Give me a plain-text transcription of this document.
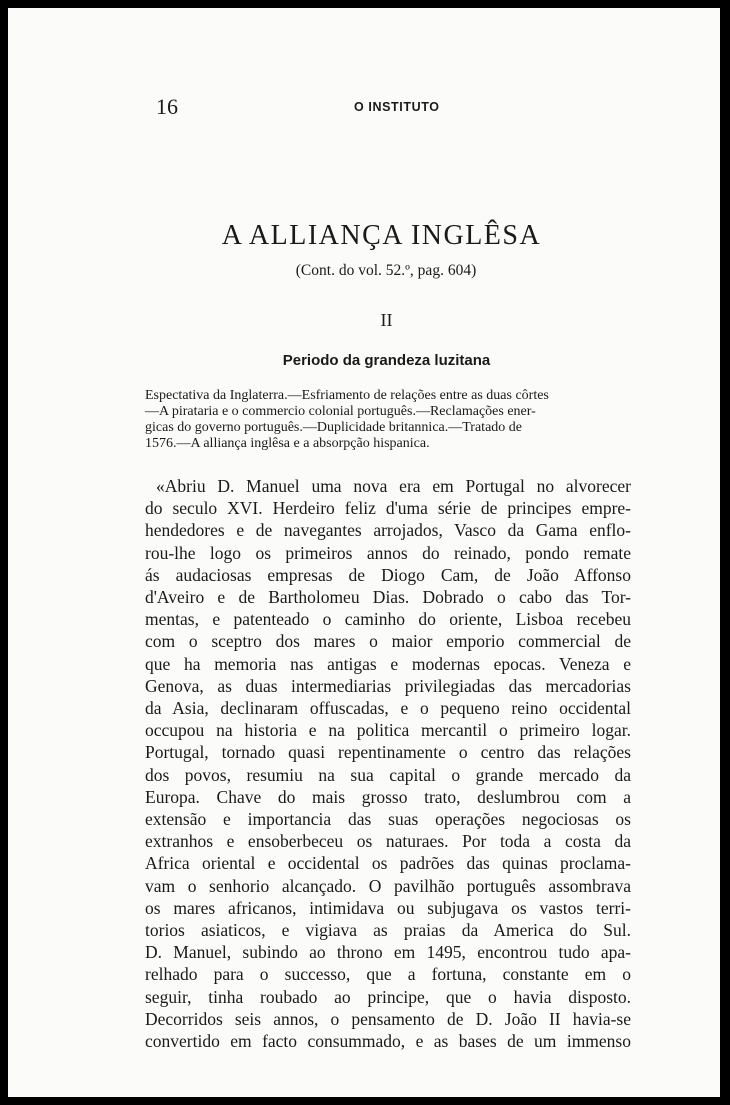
16	O INSTITUTO
A ALLIANÇA INGLÊSA
(Cont. do vol. 52.º, pag. 604)
II
Periodo da grandeza luzitana
Espectativa da Inglaterra.—Esfriamento de relações entre as duas côrtes
—A pirataria e o commercio colonial português.—Reclamações ener-
gicas do governo português.—Duplicidade britannica.—Tratado de
1576.—A alliança inglêsa e a absorpção hispanica.
«Abriu D. Manuel uma nova era em Portugal no alvorecer
do seculo XVI. Herdeiro feliz d'uma série de principes empre-
hendedores e de navegantes arrojados, Vasco da Gama enflo-
rou-lhe logo os primeiros annos do reinado, pondo remate
ás audaciosas empresas de Diogo Cam, de João Affonso
d'Aveiro e de Bartholomeu Dias. Dobrado o cabo das Tor-
mentas, e patenteado o caminho do oriente, Lisboa recebeu
com o sceptro dos mares o maior emporio commercial de
que ha memoria nas antigas e modernas epocas. Veneza e
Genova, as duas intermediarias privilegiadas das mercadorias
da Asia, declinaram offuscadas, e o pequeno reino occidental
occupou na historia e na politica mercantil o primeiro logar.
Portugal, tornado quasi repentinamente o centro das relações
dos povos, resumiu na sua capital o grande mercado da
Europa. Chave do mais grosso trato, deslumbrou com a
extensão e importancia das suas operações negociosas os
extranhos e ensoberbeceu os naturaes. Por toda a costa da
Africa oriental e occidental os padrões das quinas proclama-
vam o senhorio alcançado. O pavilhão português assombrava
os mares africanos, intimidava ou subjugava os vastos terri-
torios asiaticos, e vigiava as praias da America do Sul.
D. Manuel, subindo ao throno em 1495, encontrou tudo apa-
relhado para o successo, que a fortuna, constante em o
seguir, tinha roubado ao principe, que o havia disposto.
Decorridos seis annos, o pensamento de D. João II havia-se
convertido em facto consummado, e as bases de um immenso
